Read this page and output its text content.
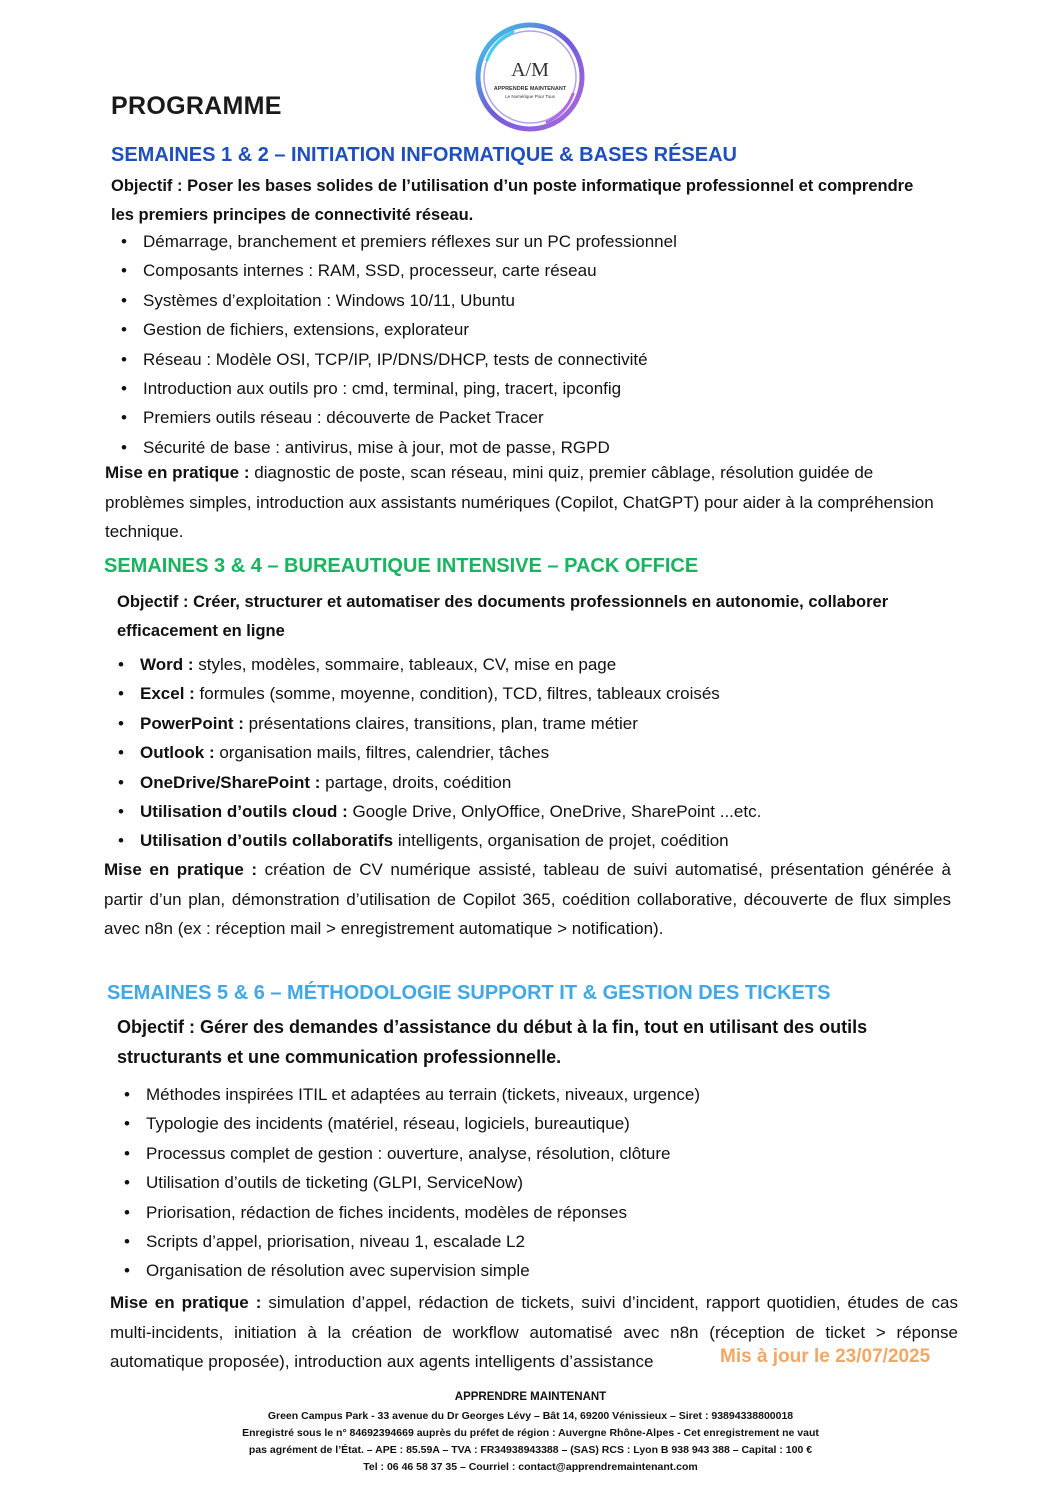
A/M
APPRENDRE MAINTENANT
Le Numérique Pour Tous
PROGRAMME
SEMAINES 1 & 2 – INITIATION INFORMATIQUE & BASES RÉSEAU

Objectif : Poser les bases solides de l’utilisation d’un poste informatique professionnel et comprendre les premiers principes de connectivité réseau.

• Démarrage, branchement et premiers réflexes sur un PC professionnel
• Composants internes : RAM, SSD, processeur, carte réseau
• Systèmes d’exploitation : Windows 10/11, Ubuntu
• Gestion de fichiers, extensions, explorateur
• Réseau : Modèle OSI, TCP/IP, IP/DNS/DHCP, tests de connectivité
• Introduction aux outils pro : cmd, terminal, ping, tracert, ipconfig
• Premiers outils réseau : découverte de Packet Tracer
• Sécurité de base : antivirus, mise à jour, mot de passe, RGPD

Mise en pratique : diagnostic de poste, scan réseau, mini quiz, premier câblage, résolution guidée de problèmes simples, introduction aux assistants numériques (Copilot, ChatGPT) pour aider à la compréhension technique.

SEMAINES 3 & 4 – BUREAUTIQUE INTENSIVE – PACK OFFICE

Objectif : Créer, structurer et automatiser des documents professionnels en autonomie, collaborer efficacement en ligne

• Word : styles, modèles, sommaire, tableaux, CV, mise en page
• Excel : formules (somme, moyenne, condition), TCD, filtres, tableaux croisés
• PowerPoint : présentations claires, transitions, plan, trame métier
• Outlook : organisation mails, filtres, calendrier, tâches
• OneDrive/SharePoint : partage, droits, coédition
• Utilisation d’outils cloud : Google Drive, OnlyOffice, OneDrive, SharePoint ...etc.
• Utilisation d’outils collaboratifs intelligents, organisation de projet, coédition

Mise en pratique : création de CV numérique assisté, tableau de suivi automatisé, présentation générée à partir d’un plan, démonstration d’utilisation de Copilot 365, coédition collaborative, découverte de flux simples avec n8n (ex : réception mail > enregistrement automatique > notification).

SEMAINES 5 & 6 – MÉTHODOLOGIE SUPPORT IT & GESTION DES TICKETS

Objectif : Gérer des demandes d’assistance du début à la fin, tout en utilisant des outils structurants et une communication professionnelle.

• Méthodes inspirées ITIL et adaptées au terrain (tickets, niveaux, urgence)
• Typologie des incidents (matériel, réseau, logiciels, bureautique)
• Processus complet de gestion : ouverture, analyse, résolution, clôture
• Utilisation d’outils de ticketing (GLPI, ServiceNow)
• Priorisation, rédaction de fiches incidents, modèles de réponses
• Scripts d’appel, priorisation, niveau 1, escalade L2
• Organisation de résolution avec supervision simple

Mise en pratique : simulation d’appel, rédaction de tickets, suivi d’incident, rapport quotidien, études de cas multi-incidents, initiation à la création de workflow automatisé avec n8n (réception de ticket > réponse automatique proposée), introduction aux agents intelligents d’assistance	Mis à jour le 23/07/2025

APPRENDRE MAINTENANT

Green Campus Park - 33 avenue du Dr Georges Lévy – Bât 14, 69200 Vénissieux – Siret : 93894338800018

Enregistré sous le n° 84692394669 auprès du préfet de région : Auvergne Rhône-Alpes - Cet enregistrement ne vaut

pas agrément de l’État. – APE : 85.59A – TVA : FR34938943388 – (SAS) RCS : Lyon B 938 943 388 – Capital : 100 €

Tel : 06 46 58 37 35 – Courriel : contact@apprendremaintenant.com
